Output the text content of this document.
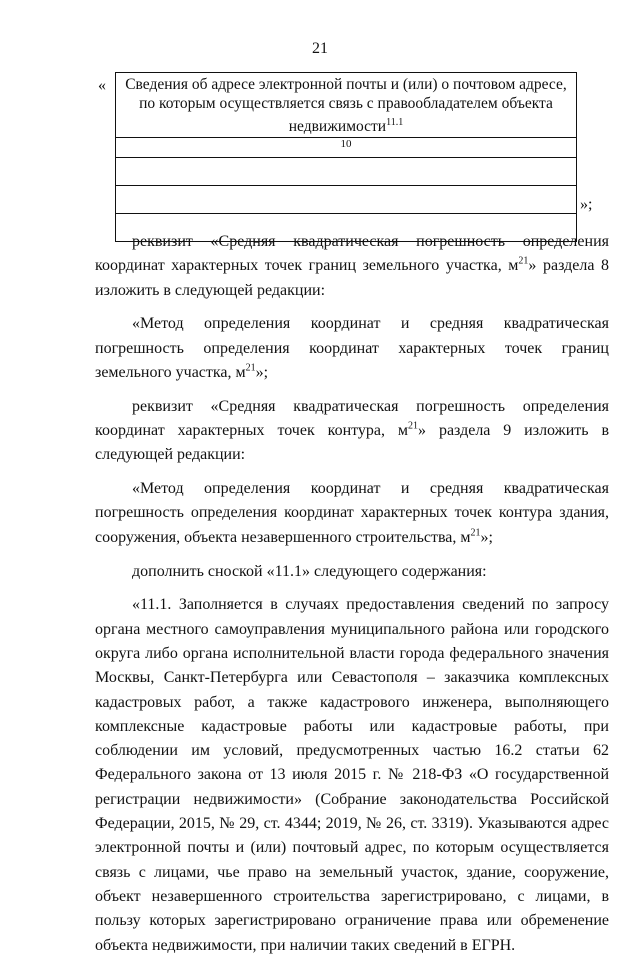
21
«	Сведения об адресе электронной почты и (или) о почтовом адресе, по которым осуществляется связь с правообладателем объекта недвижимости$^{11.1}$
10
»;

реквизит «Средняя квадратическая погрешность определения координат характерных точек границ земельного участка, $м^{21}$» раздела 8 изложить в следующей редакции:

«Метод определения координат и средняя квадратическая погрешность определения координат характерных точек границ земельного участка, $м^{21}$»;

реквизит «Средняя квадратическая погрешность определения координат характерных точек контура, $м^{21}$» раздела 9 изложить в следующей редакции:

«Метод определения координат и средняя квадратическая погрешность определения координат характерных точек контура здания, сооружения, объекта незавершенного строительства, $м^{21}$»;

дополнить сноской «11.1» следующего содержания:

«11.1. Заполняется в случаях предоставления сведений по запросу органа местного самоуправления муниципального района или городского округа либо органа исполнительной власти города федерального значения Москвы, Санкт-Петербурга или Севастополя – заказчика комплексных кадастровых работ, а также кадастрового инженера, выполняющего комплексные кадастровые работы или кадастровые работы, при соблюдении им условий, предусмотренных частью 16.2 статьи 62 Федерального закона от 13 июля 2015 г. № 218-ФЗ «О государственной регистрации недвижимости» (Собрание законодательства Российской Федерации, 2015, № 29, ст. 4344; 2019, № 26, ст. 3319). Указываются адрес электронной почты и (или) почтовый адрес, по которым осуществляется связь с лицами, чье право на земельный участок, здание, сооружение, объект незавершенного строительства зарегистрировано, с лицами, в пользу которых зарегистрировано ограничение права или обременение объекта недвижимости, при наличии таких сведений в ЕГРН.
